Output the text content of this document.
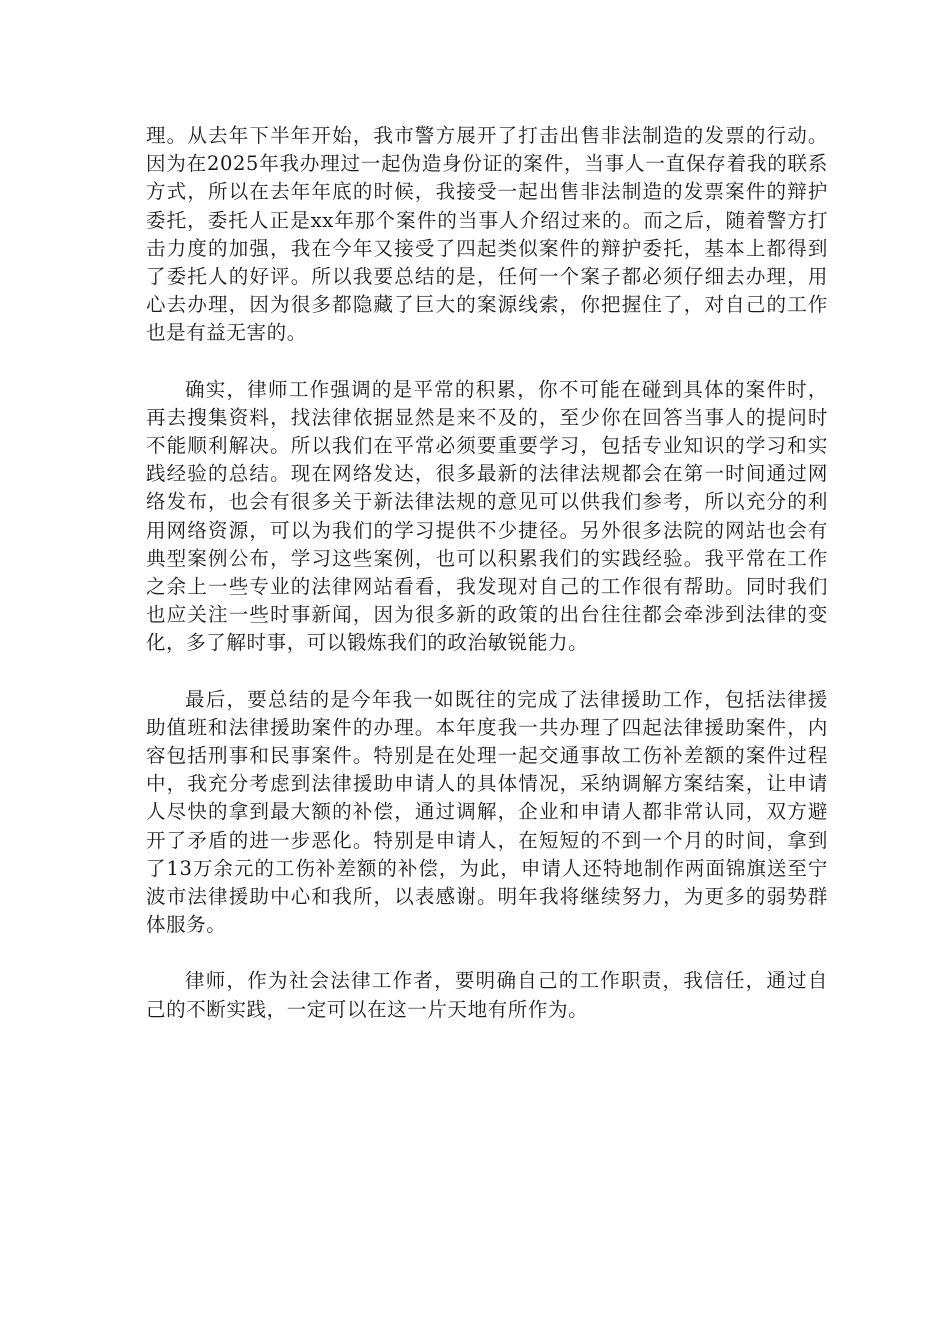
理。从去年下半年开始，我市警方展开了打击出售非法制造的发票的行动。因为在2025年我办理过一起伪造身份证的案件，当事人一直保存着我的联系方式，所以在去年年底的时候，我接受一起出售非法制造的发票案件的辩护委托，委托人正是xx年那个案件的当事人介绍过来的。而之后，随着警方打击力度的加强，我在今年又接受了四起类似案件的辩护委托，基本上都得到了委托人的好评。所以我要总结的是，任何一个案子都必须仔细去办理，用心去办理，因为很多都隐藏了巨大的案源线索，你把握住了，对自己的工作也是有益无害的。

确实，律师工作强调的是平常的积累，你不可能在碰到具体的案件时，再去搜集资料，找法律依据显然是来不及的，至少你在回答当事人的提问时不能顺利解决。所以我们在平常必须要重要学习，包括专业知识的学习和实践经验的总结。现在网络发达，很多最新的法律法规都会在第一时间通过网络发布，也会有很多关于新法律法规的意见可以供我们参考，所以充分的利用网络资源，可以为我们的学习提供不少捷径。另外很多法院的网站也会有典型案例公布，学习这些案例，也可以积累我们的实践经验。我平常在工作之余上一些专业的法律网站看看，我发现对自己的工作很有帮助。同时我们也应关注一些时事新闻，因为很多新的政策的出台往往都会牵涉到法律的变化，多了解时事，可以锻炼我们的政治敏锐能力。

最后，要总结的是今年我一如既往的完成了法律援助工作，包括法律援助值班和法律援助案件的办理。本年度我一共办理了四起法律援助案件，内容包括刑事和民事案件。特别是在处理一起交通事故工伤补差额的案件过程中，我充分考虑到法律援助申请人的具体情况，采纳调解方案结案，让申请人尽快的拿到最大额的补偿，通过调解，企业和申请人都非常认同，双方避开了矛盾的进一步恶化。特别是申请人，在短短的不到一个月的时间，拿到了13万余元的工伤补差额的补偿，为此，申请人还特地制作两面锦旗送至宁波市法律援助中心和我所，以表感谢。明年我将继续努力，为更多的弱势群体服务。

律师，作为社会法律工作者，要明确自己的工作职责，我信任，通过自己的不断实践，一定可以在这一片天地有所作为。
